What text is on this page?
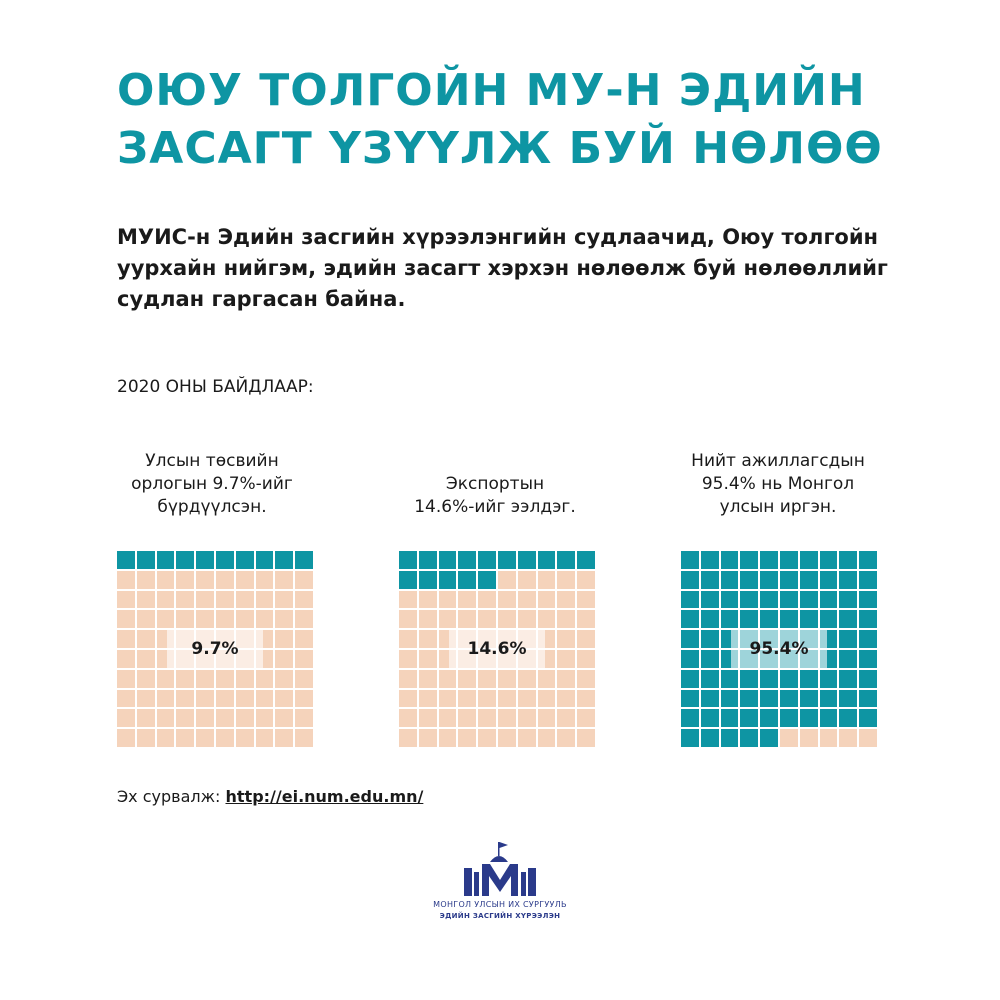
ОЮУ ТОЛГОЙН МУ-Н ЭДИЙН
ЗАСАГТ ҮЗҮҮЛЖ БУЙ НӨЛӨӨ
МУИС-н Эдийн засгийн хүрээлэнгийн судлаачид, Оюу толгойн уурхайн нийгэм, эдийн засагт хэрхэн нөлөөлж буй нөлөөллийг судлан гаргасан байна.
2020 ОНЫ БАЙДЛААР:
Улсын төсвийн
орлогын 9.7%-ийг
бүрдүүлсэн.
Экспортын
14.6%-ийг ээлдэг.
Нийт ажиллагсдын
95.4% нь Монгол
улсын иргэн.
9.7%	14.6%	95.4%
Эх сурвалж: http://ei.num.edu.mn/
МОНГОЛ УЛСЫН ИХ СУРГУУЛЬ
ЭДИЙН ЗАСГИЙН ХҮРЭЭЛЭН
